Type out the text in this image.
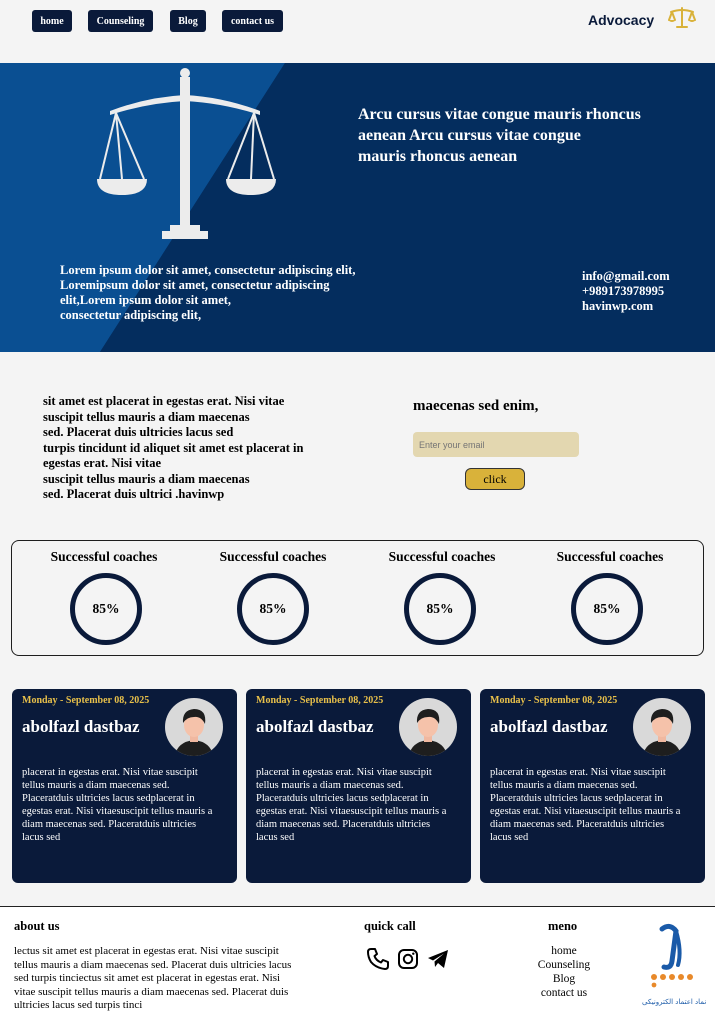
home	Counseling	Blog	contact us	Advocacy
Arcu cursus vitae congue mauris rhoncus
aenean Arcu cursus vitae congue
mauris rhoncus aenean
Lorem ipsum dolor sit amet, consectetur adipiscing elit,
Loremipsum dolor sit amet, consectetur adipiscing
elit,Lorem ipsum dolor sit amet,
consectetur adipiscing elit,
info@gmail.com
+989173978995
havinwp.com
sit amet est placerat in egestas erat. Nisi vitae
suscipit tellus mauris a diam maecenas
sed. Placerat duis ultricies lacus sed
turpis tincidunt id aliquet sit amet est placerat in
egestas erat. Nisi vitae
suscipit tellus mauris a diam maecenas
sed. Placerat duis ultrici .havinwp
maecenas sed enim,
Enter your email
click
Successful coaches	Successful coaches	Successful coaches	Successful coaches
85%	85%	85%	85%
Monday - September 08, 2025
abolfazl dastbaz
placerat in egestas erat. Nisi vitae suscipit
tellus mauris a diam maecenas sed.
Placeratduis ultricies lacus sedplacerat in
egestas erat. Nisi vitaesuscipit tellus mauris a
diam maecenas sed. Placeratduis ultricies
lacus sed
Monday - September 08, 2025
abolfazl dastbaz
placerat in egestas erat. Nisi vitae suscipit
tellus mauris a diam maecenas sed.
Placeratduis ultricies lacus sedplacerat in
egestas erat. Nisi vitaesuscipit tellus mauris a
diam maecenas sed. Placeratduis ultricies
lacus sed
Monday - September 08, 2025
abolfazl dastbaz
placerat in egestas erat. Nisi vitae suscipit
tellus mauris a diam maecenas sed.
Placeratduis ultricies lacus sedplacerat in
egestas erat. Nisi vitaesuscipit tellus mauris a
diam maecenas sed. Placeratduis ultricies
lacus sed
about us
lectus sit amet est placerat in egestas erat. Nisi vitae suscipit
tellus mauris a diam maecenas sed. Placerat duis ultricies lacus
sed turpis tinciectus sit amet est placerat in egestas erat. Nisi
vitae suscipit tellus mauris a diam maecenas sed. Placerat duis
ultricies lacus sed turpis tinci
quick call	meno
home
Counseling
Blog
contact us
نماد اعتماد الکترونیکی
